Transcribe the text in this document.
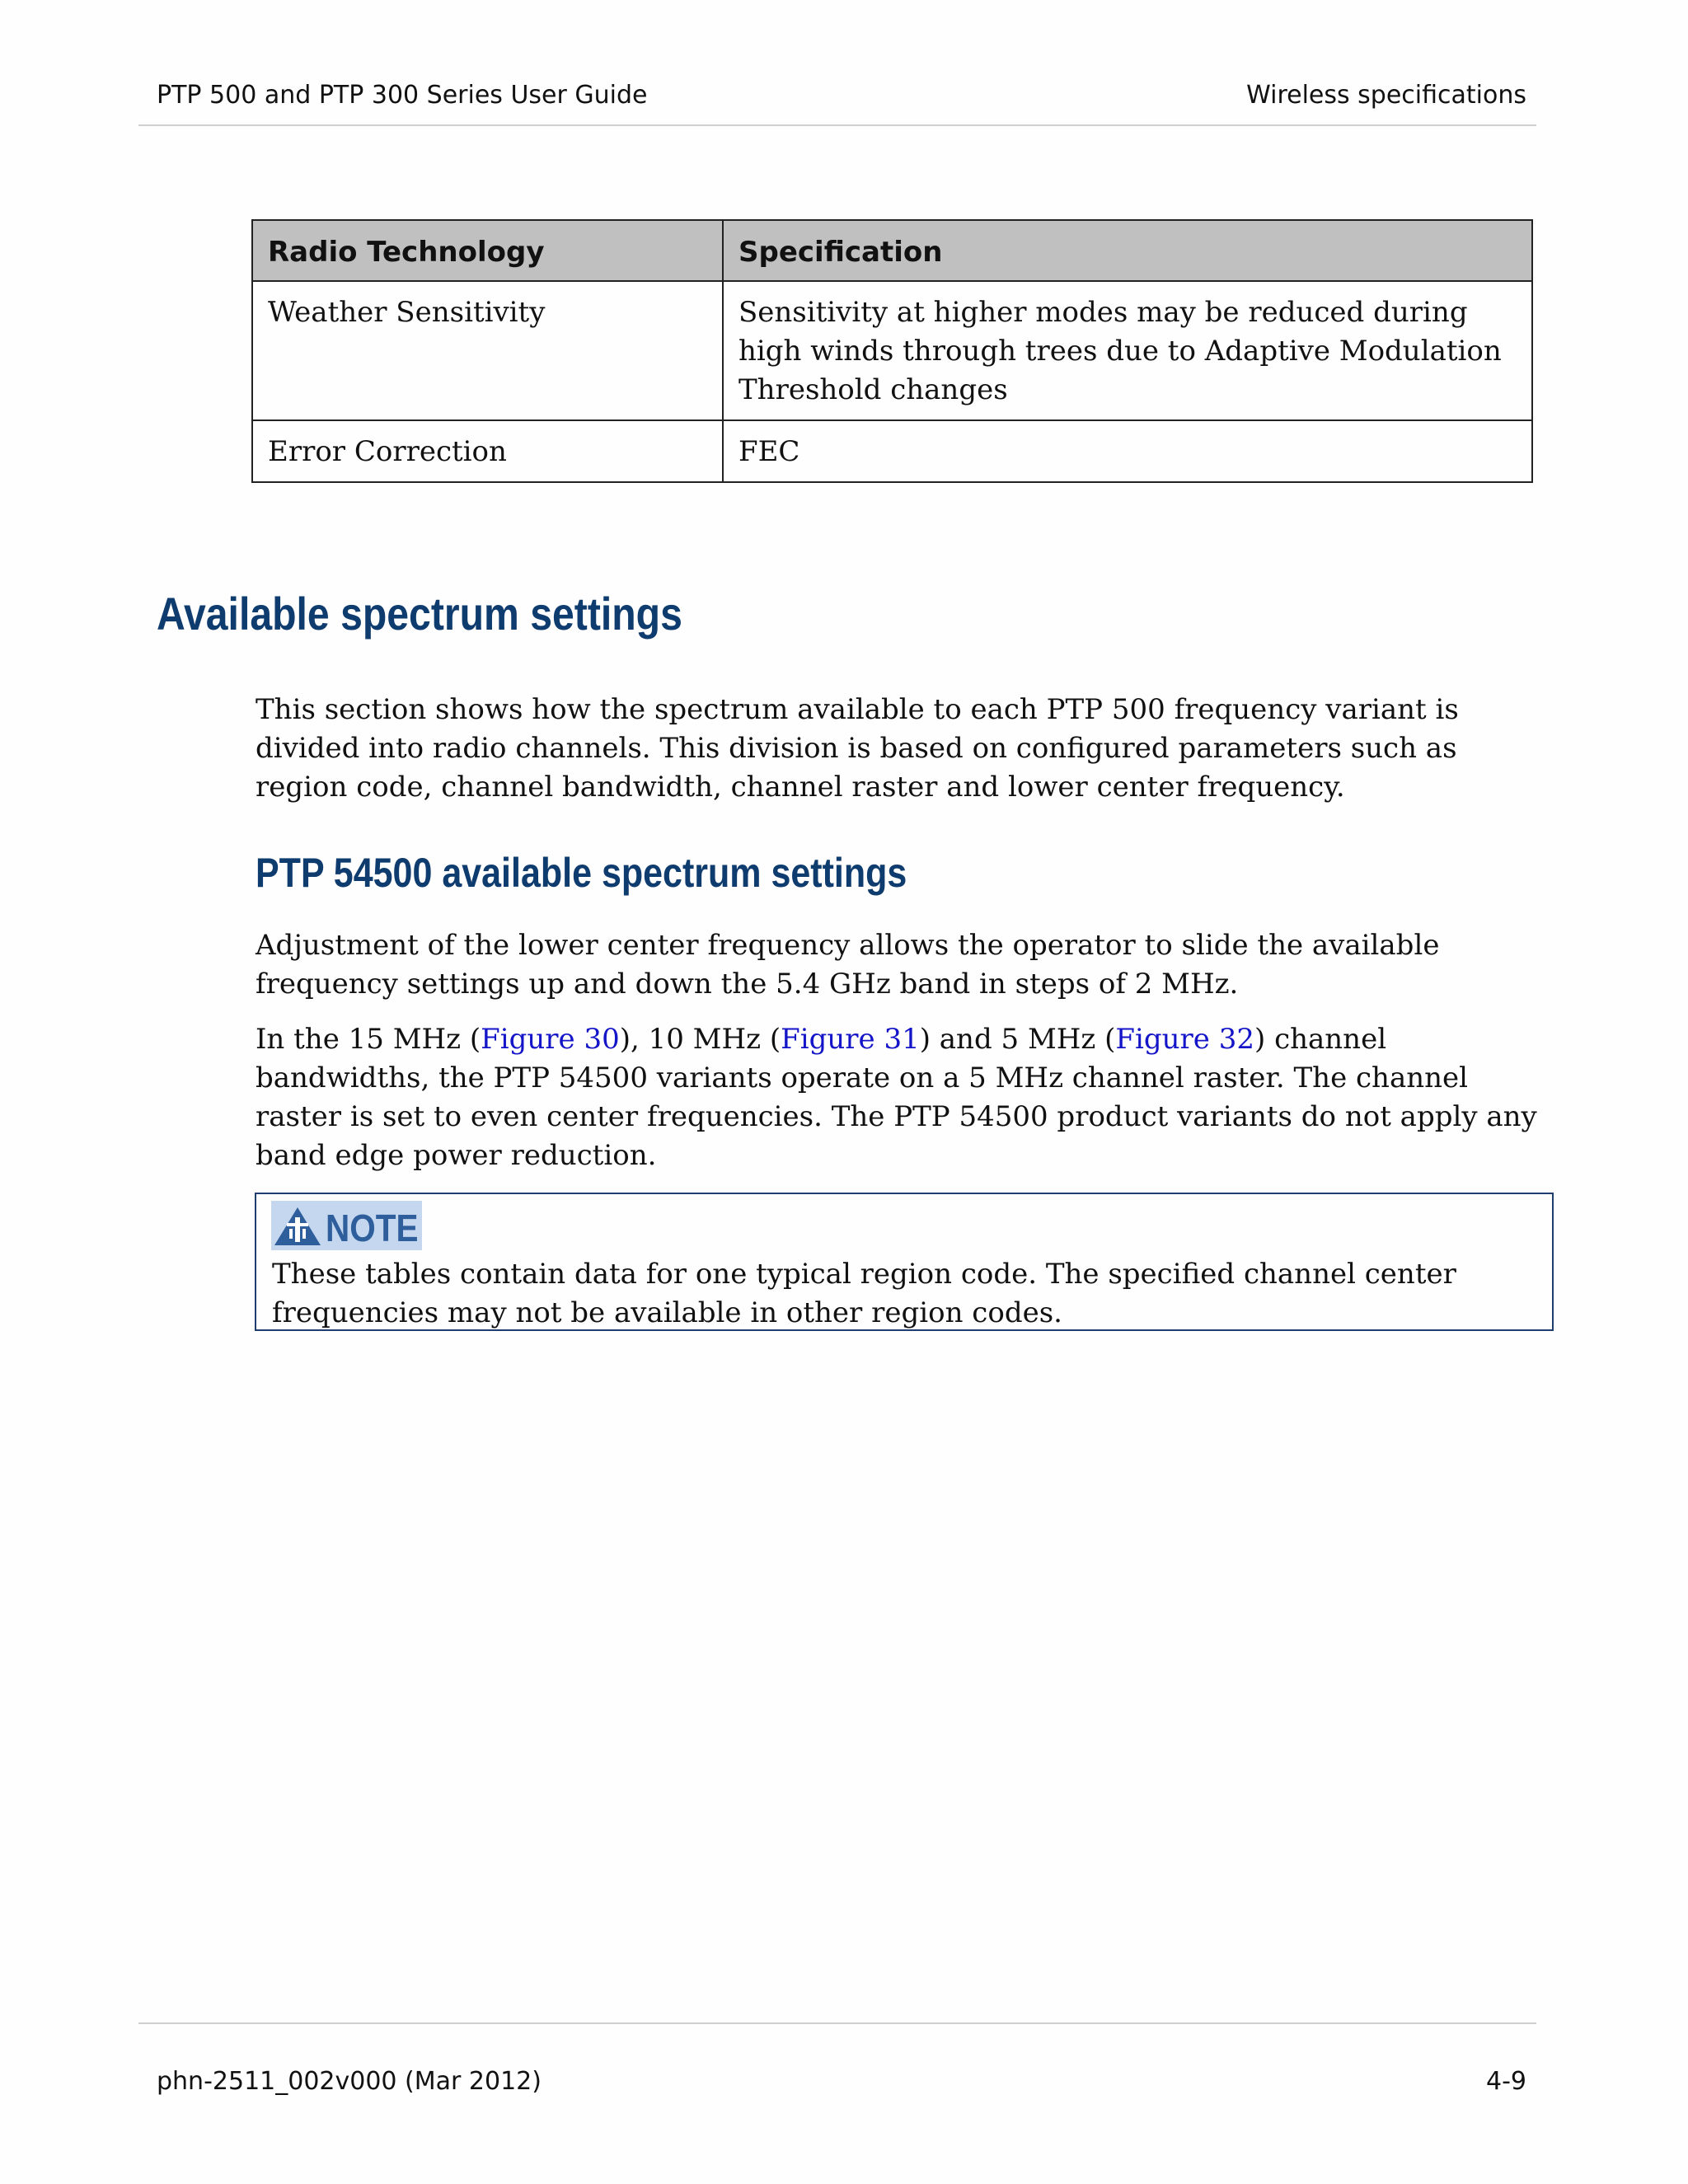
PTP 500 and PTP 300 Series User Guide	Wireless specifications
Radio Technology	Specification
Weather Sensitivity	Sensitivity at higher modes may be reduced during high winds through trees due to Adaptive Modulation Threshold changes
Error Correction	FEC
Available spectrum settings

This section shows how the spectrum available to each PTP 500 frequency variant is divided into radio channels. This division is based on configured parameters such as region code, channel bandwidth, channel raster and lower center frequency.

PTP 54500 available spectrum settings

Adjustment of the lower center frequency allows the operator to slide the available frequency settings up and down the 5.4 GHz band in steps of 2 MHz.

In the 15 MHz (Figure 30), 10 MHz (Figure 31) and 5 MHz (Figure 32) channel bandwidths, the PTP 54500 variants operate on a 5 MHz channel raster. The channel raster is set to even center frequencies. The PTP 54500 product variants do not apply any band edge power reduction.

NOTE
These tables contain data for one typical region code. The specified channel center frequencies may not be available in other region codes.
phn-2511_002v000 (Mar 2012)	4-9
